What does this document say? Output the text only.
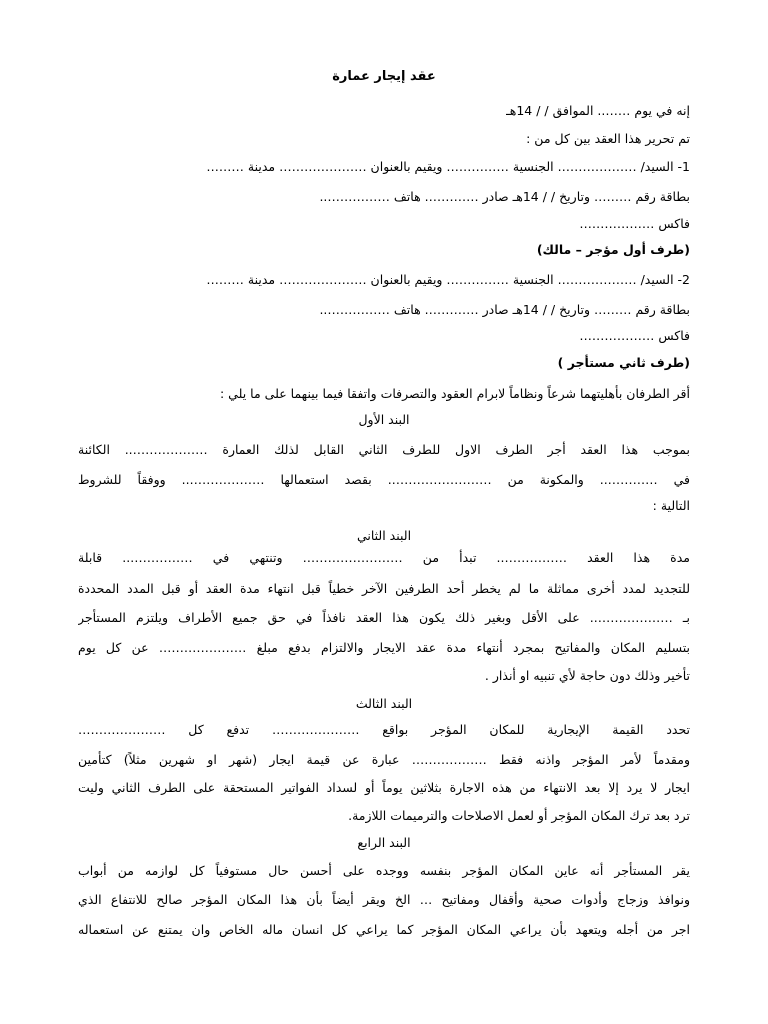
عقد إيجار عمارة
إنه في يوم …….. الموافق / / 14هـ
تم تحرير هذا العقد بين كل من :
1- السيد/ ………………. الجنسية …………… ويقيم بالعنوان ………………… مدينة ………
بطاقة رقم ……… وتاريخ / / 14هـ صادر …………. هاتف ……………..
فاكس ………………
(طرف أول مؤجر – مالك)
2- السيد/ ………………. الجنسية …………… ويقيم بالعنوان ………………… مدينة ………
بطاقة رقم ……… وتاريخ / / 14هـ صادر …………. هاتف ……………..
فاكس ………………
(طرف ثاني مستأجر )
أقر الطرفان بأهليتهما شرعاً ونظاماً لابرام العقود والتصرفات واتفقا فيما بينهما على ما يلي :
البند الأول
بموجب هذا العقد أجر الطرف الاول للطرف الثاني القابل لذلك العمارة ……………….. الكائنة
في ………….. والمكونة من ……………………. بقصد استعمالها ……………….. ووفقاً للشروط
التالية :
البند الثاني
مدة هذا العقد …………….. تبدأ من …………………… وتنتهي في …………….. قابلة
للتجديد لمدد أخرى مماثلة ما لم يخطر أحد الطرفين الآخر خطياً قبل انتهاء مدة العقد أو قبل المدد المحددة
بـ ……………….. على الأقل وبغير ذلك يكون هذا العقد نافذاً في حق جميع الأطراف ويلتزم المستأجر
بتسليم المكان والمفاتيح بمجرد أنتهاء مدة عقد الايجار والالتزام بدفع مبلغ ………………… عن كل يوم
تأخير وذلك دون حاجة لأي تنبيه او أنذار .
البند الثالث
تحدد القيمة الإيجارية للمكان المؤجر بواقع ………………… تدفع كل …………………
ومقدماً لأمر المؤجر واذنه فقط ……………… عبارة عن قيمة ايجار (شهر او شهرين مثلاً) كتأمين
ايجار لا يرد إلا بعد الانتهاء من هذه الاجارة بثلاثين يوماً أو لسداد الفواتير المستحقة على الطرف الثاني وليت
ترد بعد ترك المكان المؤجر أو لعمل الاصلاحات والترميمات اللازمة.
البند الرابع
يقر المستأجر أنه عاين المكان المؤجر بنفسه ووجده على أحسن حال مستوفياً كل لوازمه من أبواب
ونوافذ وزجاج وأدوات صحية وأقفال ومفاتيح … الخ ويقر أيضاً بأن هذا المكان المؤجر صالح للانتفاع الذي
اجر من أجله ويتعهد بأن يراعي المكان المؤجر كما يراعي كل انسان ماله الخاص وان يمتنع عن استعماله
